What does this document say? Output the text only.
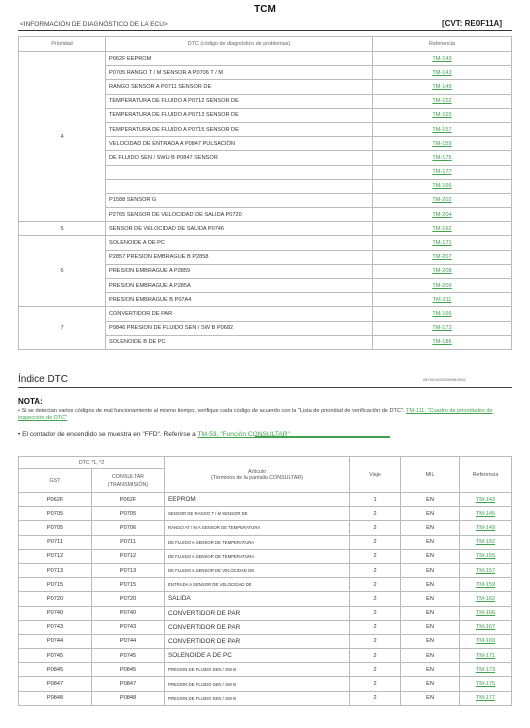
TCM
<INFORMACIÓN DE DIAGNÓSTICO DE LA ECU>	[CVT: RE0F11A]
Prioridad	DTC (código de diagnóstico de problemas)	Referencia
4	P062F EEPROM	TM-143
	P0705 RANGO T / M SENSOR A P0706 T / M	TM-143
	RANGO SENSOR A P0711 SENSOR DE	TM-149
	TEMPERATURA DE FLUIDO A P0712 SENSOR DE	TM-152
	TEMPERATURA DE FLUIDO A P0713 SENSOR DE	TM-155
	TEMPERATURA DE FLUIDO A P0715 SENSOR DE	TM-157
	VELOCIDAD DE ENTRADA A P0847 PULSACIÓN	TM-159
	DE FLUIDO SEN / SWU B P0847 SENSOR	TM-175
		TM-177
		TM-166
	P1588 SENSOR G	TM-202
	P2765 SENSOR DE VELOCIDAD DE SALIDA P0720	TM-204
5	SENSOR DE VELOCIDAD DE SALIDA P0746	TM-162
6	SOLENOIDE A DE PC	TM-171
	P2857 PRESION EMBRAGUE B P2858	TM-207
	PRESION EMBRAGUE A P2859	TM-208
	PRESION EMBRAGUE A P285A	TM-209
	PRESION EMBRAGUE B P07A4	TM-211
7	CONVERTIDOR DE PAR	TM-166
	P0846 PRESION DE FLUIDO SEN / SW B P0682	TM-173
	SOLENOIDE B DE PC	TM-186
Índice DTC	INFOID:0000000009819632
NOTA:
• Si se detectan varios códigos de mal funcionamiento al mismo tiempo, verifique cada código de acuerdo con la "Lista de prioridad de verificación de DTC". TM-111, "Cuadro de prioridades de inspección de DTC"
• El contador de encendido se muestra en "FFD". Referirse a TM-53, "Función CONSULTAR"
DTC *1, *2		Artículo
(Términos de la pantalla CONSULTAR)	Viaje	MIL	Referencia
GST	CONSULTAR (TRANSMISIÓN)				
P062F	P062F	EEPROM	1	EN	TM-143
P0705	P0705	SENSOR DE RANGO T / M SENSOR DE	2	EN	TM-145
P0705	P0706	RANGO AT / M A SENSOR DE TEMPERATURA	2	EN	TM-149
P0711	P0711	DE FLUIDO A SENSOR DE TEMPERATURA	2	EN	TM-152
P0712	P0712	DE FLUIDO A SENSOR DE TEMPERATURA	2	EN	TM-155
P0713	P0713	DE FLUIDO A SENSOR DE VELOCIDAD DE	2	EN	TM-157
P0715	P0715	ENTRADA A SENSOR DE VELOCIDAD DE	2	EN	TM-159
P0720	P0720	SALIDA	2	EN	TM-162
P0740	P0740	CONVERTIDOR DE PAR	2	EN	TM-166
P0743	P0743	CONVERTIDOR DE PAR	2	EN	TM-167
P0744	P0744	CONVERTIDOR DE PAR	2	EN	TM-169
P0745	P0745	SOLENOIDE A DE PC	2	EN	TM-171
P0845	P0845	PRESION DE FLUIDO SEN / SW B	2	EN	TM-173
P0847	P0847	PRESION DE FLUIDO SEN / SW B	2	EN	TM-175
P0848	P0848	PRESION DE FLUIDO SEN / SW B	2	EN	TM-177
